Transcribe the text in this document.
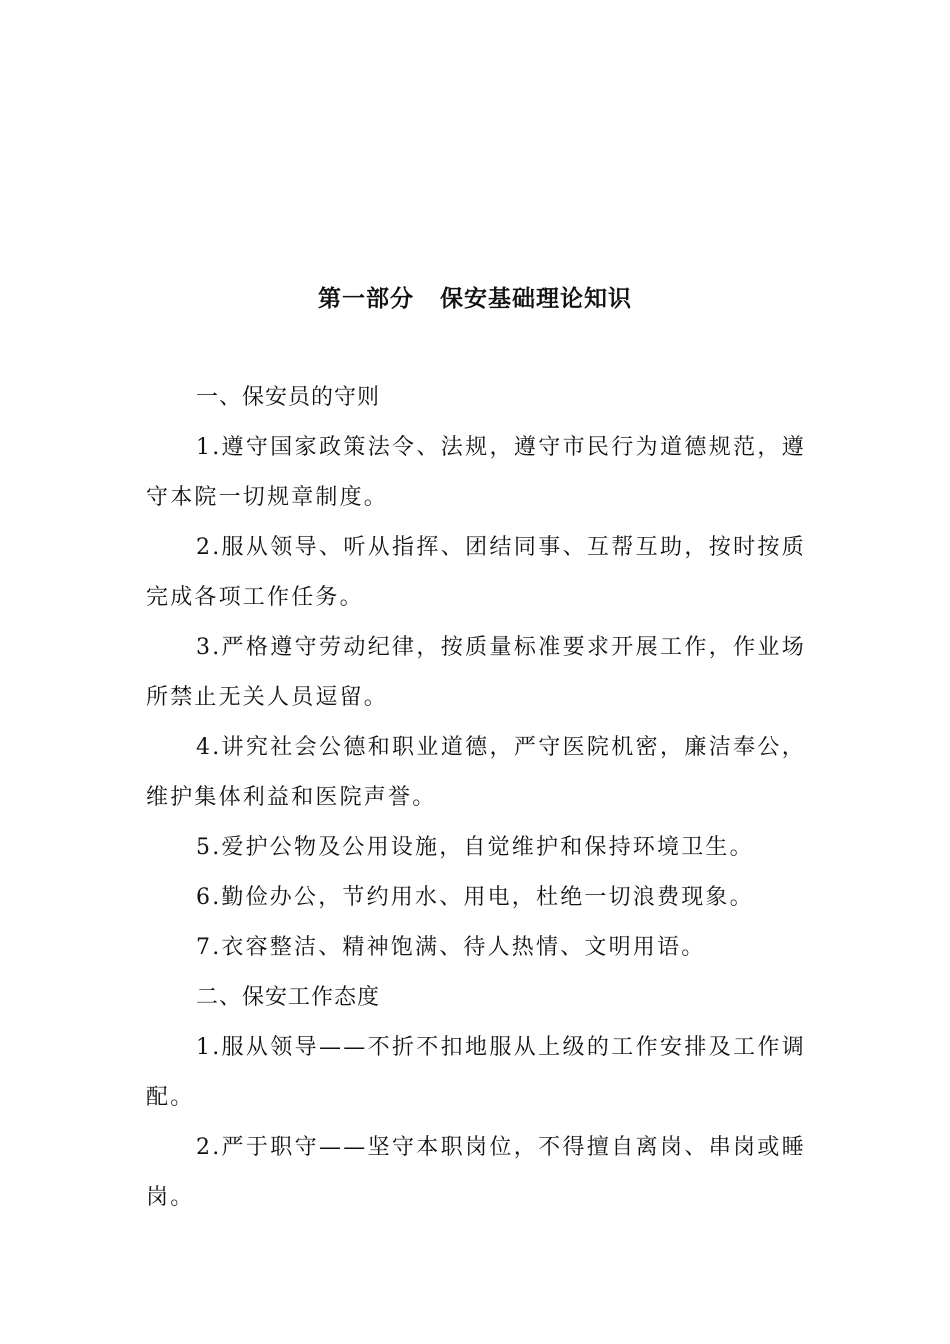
第一部分 保安基础理论知识

一、保安员的守则

1.遵守国家政策法令、法规，遵守市民行为道德规范，遵守本院一切规章制度。

2.服从领导、听从指挥、团结同事、互帮互助，按时按质完成各项工作任务。

3.严格遵守劳动纪律，按质量标准要求开展工作，作业场所禁止无关人员逗留。

4.讲究社会公德和职业道德，严守医院机密，廉洁奉公，维护集体利益和医院声誉。

5.爱护公物及公用设施，自觉维护和保持环境卫生。

6.勤俭办公，节约用水、用电，杜绝一切浪费现象。

7.衣容整洁、精神饱满、待人热情、文明用语。

二、保安工作态度

1.服从领导——不折不扣地服从上级的工作安排及工作调配。

2.严于职守——坚守本职岗位，不得擅自离岗、串岗或睡岗。
